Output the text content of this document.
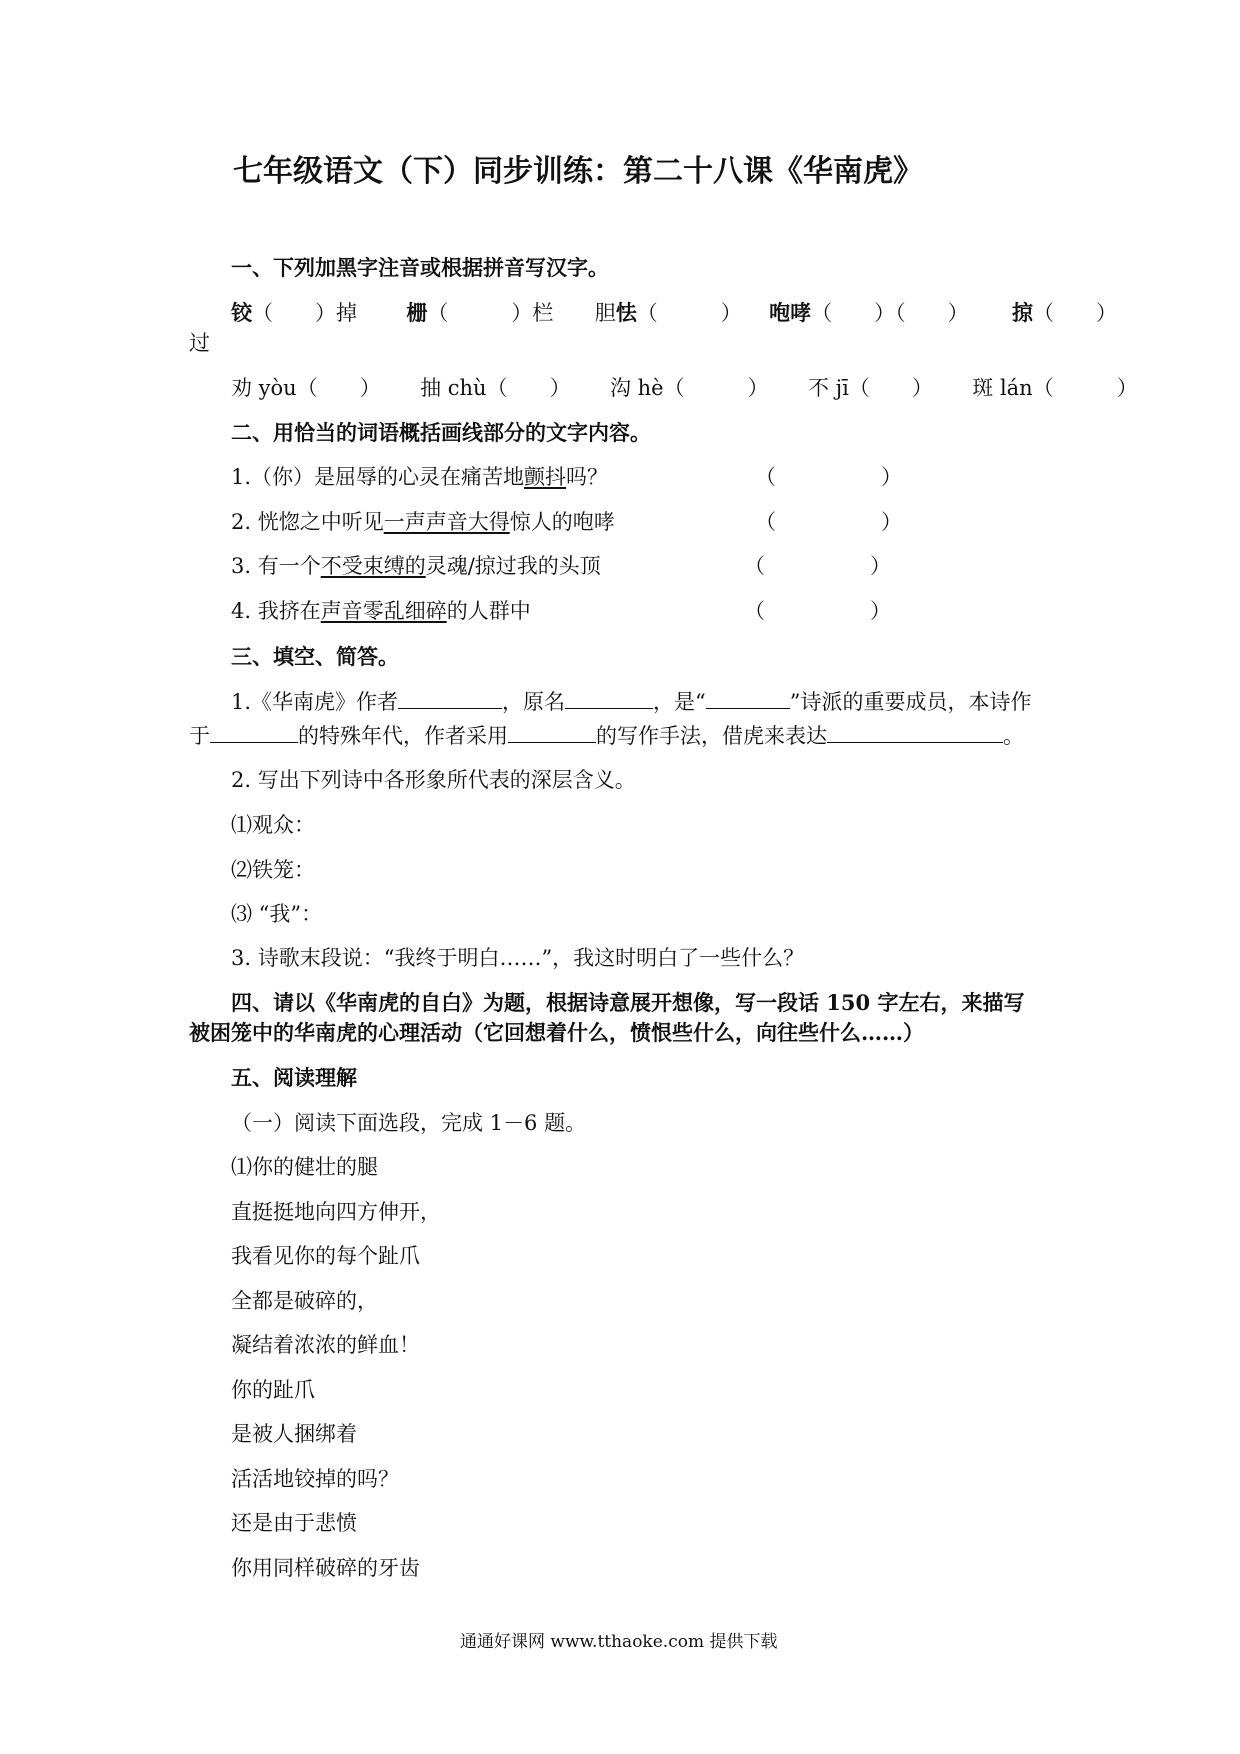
七年级语文（下）同步训练：第二十八课《华南虎》
一、下列加黑字注音或根据拼音写汉字。
铰（　　）掉 栅（　　　）栏 胆怯（　　　） 咆哮（　　）（　　） 掠（　　）
过
劝 yòu（　　） 抽 chù（　　） 沟 hè（　　　） 不 jī（　　） 斑 lán（　　　）
二、用恰当的词语概括画线部分的文字内容。
1.（你）是屈辱的心灵在痛苦地颤抖吗？	（　　　　　）
2. 恍惚之中听见一声声音大得惊人的咆哮	（　　　　　）
3. 有一个不受束缚的灵魂/掠过我的头顶	（　　　　　）
4. 我挤在声音零乱细碎的人群中	（　　　　　）
三、填空、简答。
1.《华南虎》作者	，原名	，是“	”诗派的重要成员，本诗作
于	的特殊年代，作者采用	的写作手法，借虎来表达	。
2. 写出下列诗中各形象所代表的深层含义。
⑴观众：
⑵铁笼：
⑶ “我”：
3. 诗歌末段说：“我终于明白……”，我这时明白了一些什么？
四、请以《华南虎的自白》为题，根据诗意展开想像，写一段话 150 字左右，来描写
被困笼中的华南虎的心理活动（它回想着什么，愤恨些什么，向往些什么……）
五、阅读理解
（一）阅读下面选段，完成 1－6 题。
⑴你的健壮的腿
直挺挺地向四方伸开，
我看见你的每个趾爪
全都是破碎的，
凝结着浓浓的鲜血！
你的趾爪
是被人捆绑着
活活地铰掉的吗？
还是由于悲愤
你用同样破碎的牙齿
通通好课网 www.tthaoke.com 提供下载
